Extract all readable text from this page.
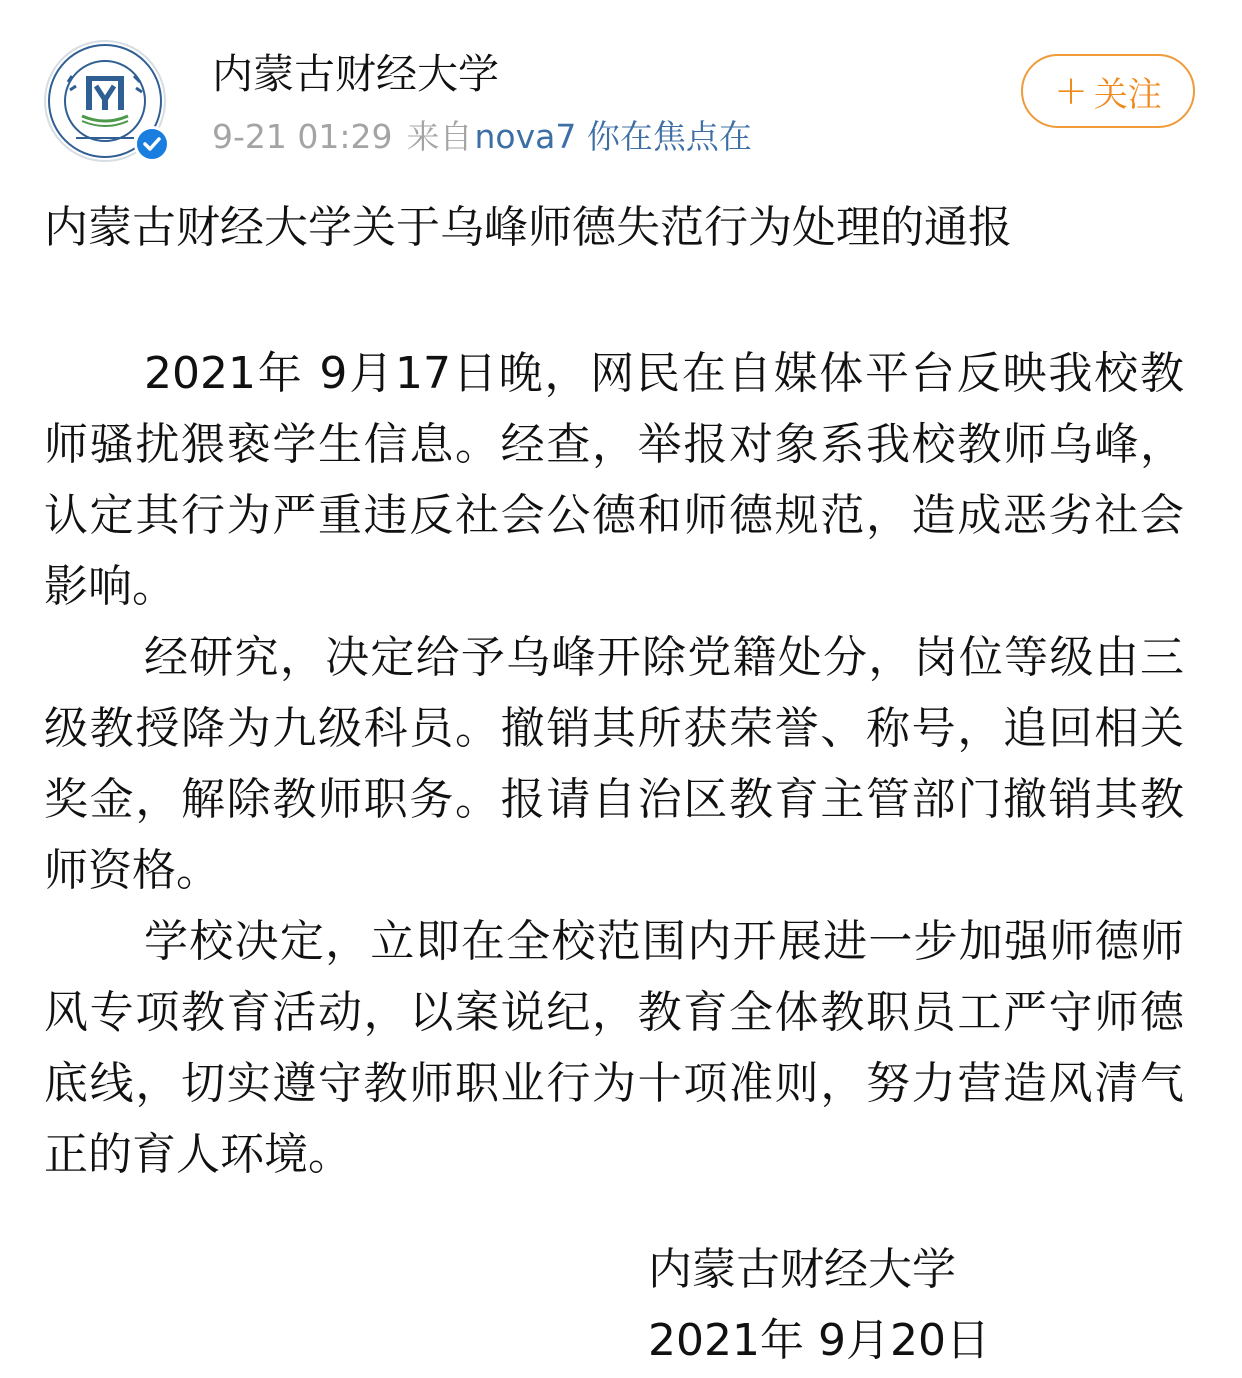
内蒙古财经大学
9-21 01:29 来自nova7 你在焦点在
+ 关注
内蒙古财经大学关于乌峰师德失范行为处理的通报

2021年 9月17日晚，网民在自媒体平台反映我校教师骚扰猥亵学生信息。经查，举报对象系我校教师乌峰，认定其行为严重违反社会公德和师德规范，造成恶劣社会影响。

经研究，决定给予乌峰开除党籍处分，岗位等级由三级教授降为九级科员。撤销其所获荣誉、称号，追回相关奖金，解除教师职务。报请自治区教育主管部门撤销其教师资格。

学校决定，立即在全校范围内开展进一步加强师德师风专项教育活动，以案说纪，教育全体教职员工严守师德底线，切实遵守教师职业行为十项准则，努力营造风清气正的育人环境。

内蒙古财经大学
2021年 9月20日
